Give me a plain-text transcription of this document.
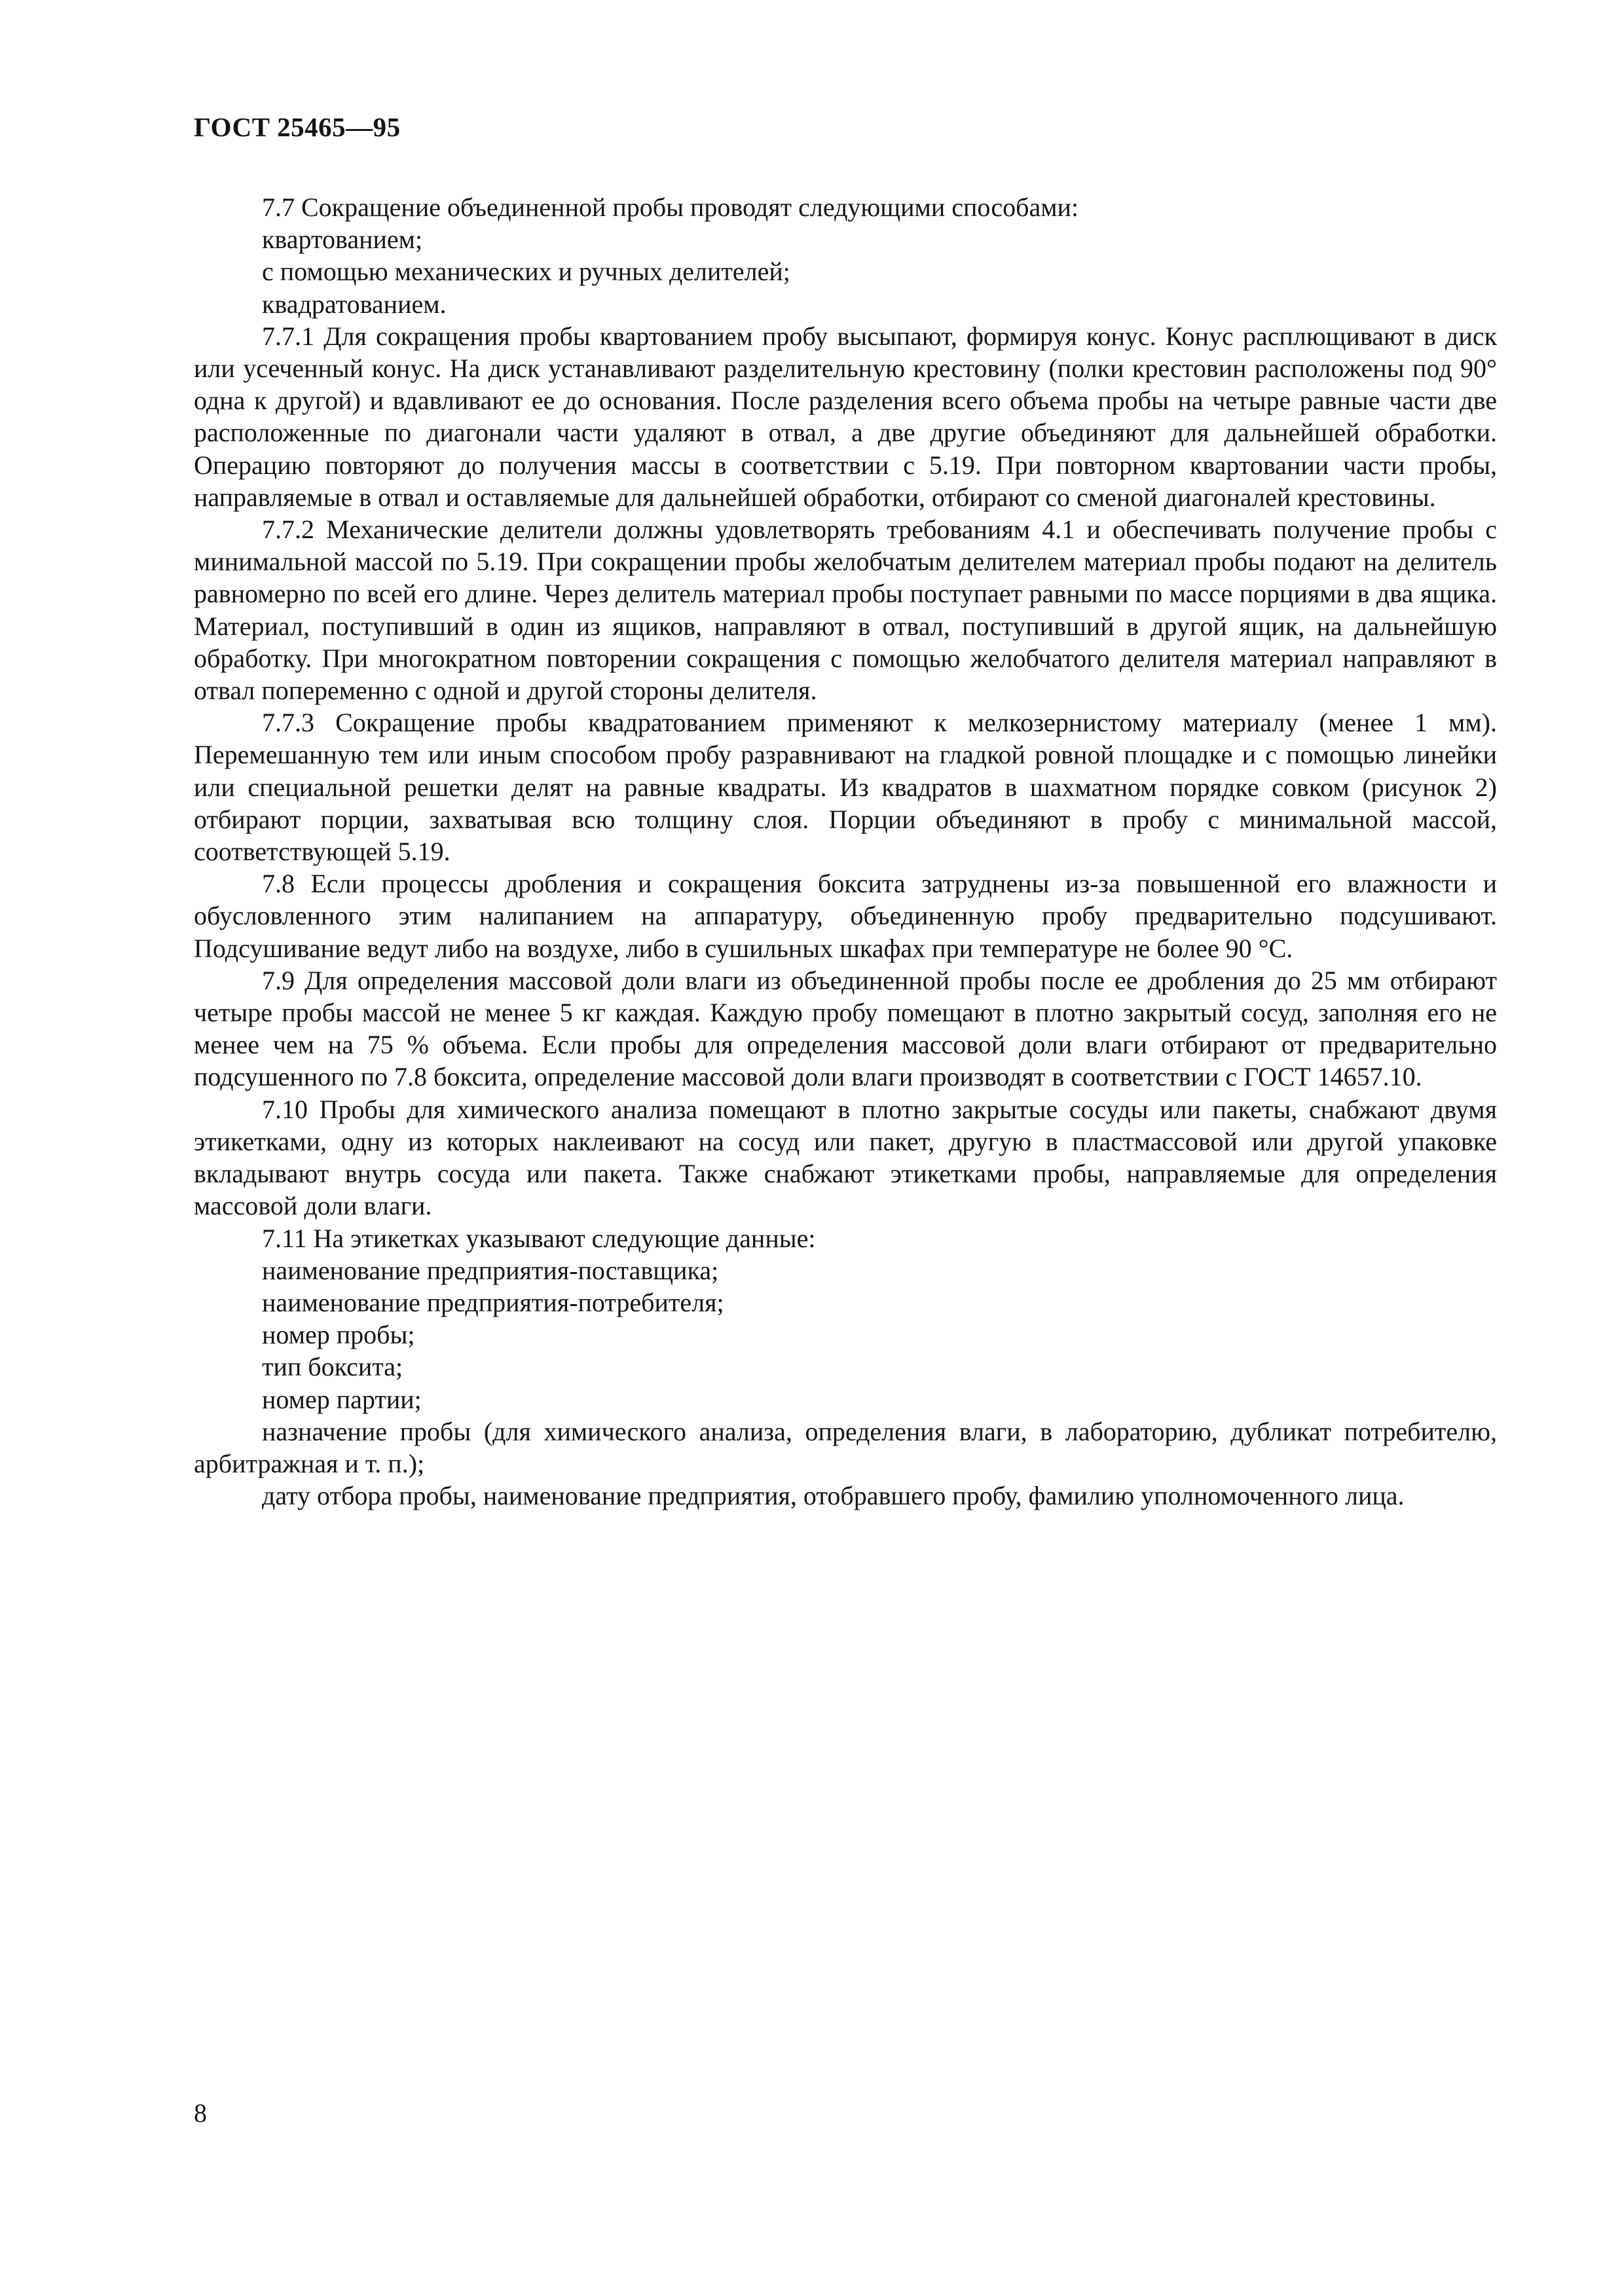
ГОСТ 25465—95

7.7 Сокращение объединенной пробы проводят следующими способами:

квартованием;

с помощью механических и ручных делителей;

квадратованием.

7.7.1 Для сокращения пробы квартованием пробу высыпают, формируя конус. Конус расплющивают в диск или усеченный конус. На диск устанавливают разделительную крестовину (полки крестовин расположены под 90° одна к другой) и вдавливают ее до основания. После разделения всего объема пробы на четыре равные части две расположенные по диагонали части удаляют в отвал, а две другие объединяют для дальнейшей обработки. Операцию повторяют до получения массы в соответствии с 5.19. При повторном квартовании части пробы, направляемые в отвал и оставляемые для дальнейшей обработки, отбирают со сменой диагоналей крестовины.

7.7.2 Механические делители должны удовлетворять требованиям 4.1 и обеспечивать получение пробы с минимальной массой по 5.19. При сокращении пробы желобчатым делителем материал пробы подают на делитель равномерно по всей его длине. Через делитель материал пробы поступает равными по массе порциями в два ящика. Материал, поступивший в один из ящиков, направляют в отвал, поступивший в другой ящик, на дальнейшую обработку. При многократном повторении сокращения с помощью желобчатого делителя материал направляют в отвал попеременно с одной и другой стороны делителя.

7.7.3 Сокращение пробы квадратованием применяют к мелкозернистому материалу (менее 1 мм). Перемешанную тем или иным способом пробу разравнивают на гладкой ровной площадке и с помощью линейки или специальной решетки делят на равные квадраты. Из квадратов в шахматном порядке совком (рисунок 2) отбирают порции, захватывая всю толщину слоя. Порции объединяют в пробу с минимальной массой, соответствующей 5.19.

7.8 Если процессы дробления и сокращения боксита затруднены из-за повышенной его влажности и обусловленного этим налипанием на аппаратуру, объединенную пробу предварительно подсушивают. Подсушивание ведут либо на воздухе, либо в сушильных шкафах при температуре не более 90 °С.

7.9 Для определения массовой доли влаги из объединенной пробы после ее дробления до 25 мм отбирают четыре пробы массой не менее 5 кг каждая. Каждую пробу помещают в плотно закрытый сосуд, заполняя его не менее чем на 75 % объема. Если пробы для определения массовой доли влаги отбирают от предварительно подсушенного по 7.8 боксита, определение массовой доли влаги производят в соответствии с ГОСТ 14657.10.

7.10 Пробы для химического анализа помещают в плотно закрытые сосуды или пакеты, снабжают двумя этикетками, одну из которых наклеивают на сосуд или пакет, другую в пластмассовой или другой упаковке вкладывают внутрь сосуда или пакета. Также снабжают этикетками пробы, направляемые для определения массовой доли влаги.

7.11 На этикетках указывают следующие данные:

наименование предприятия-поставщика;

наименование предприятия-потребителя;

номер пробы;

тип боксита;

номер партии;

назначение пробы (для химического анализа, определения влаги, в лабораторию, дубликат потребителю, арбитражная и т. п.);

дату отбора пробы, наименование предприятия, отобравшего пробу, фамилию уполномоченного лица.

8
